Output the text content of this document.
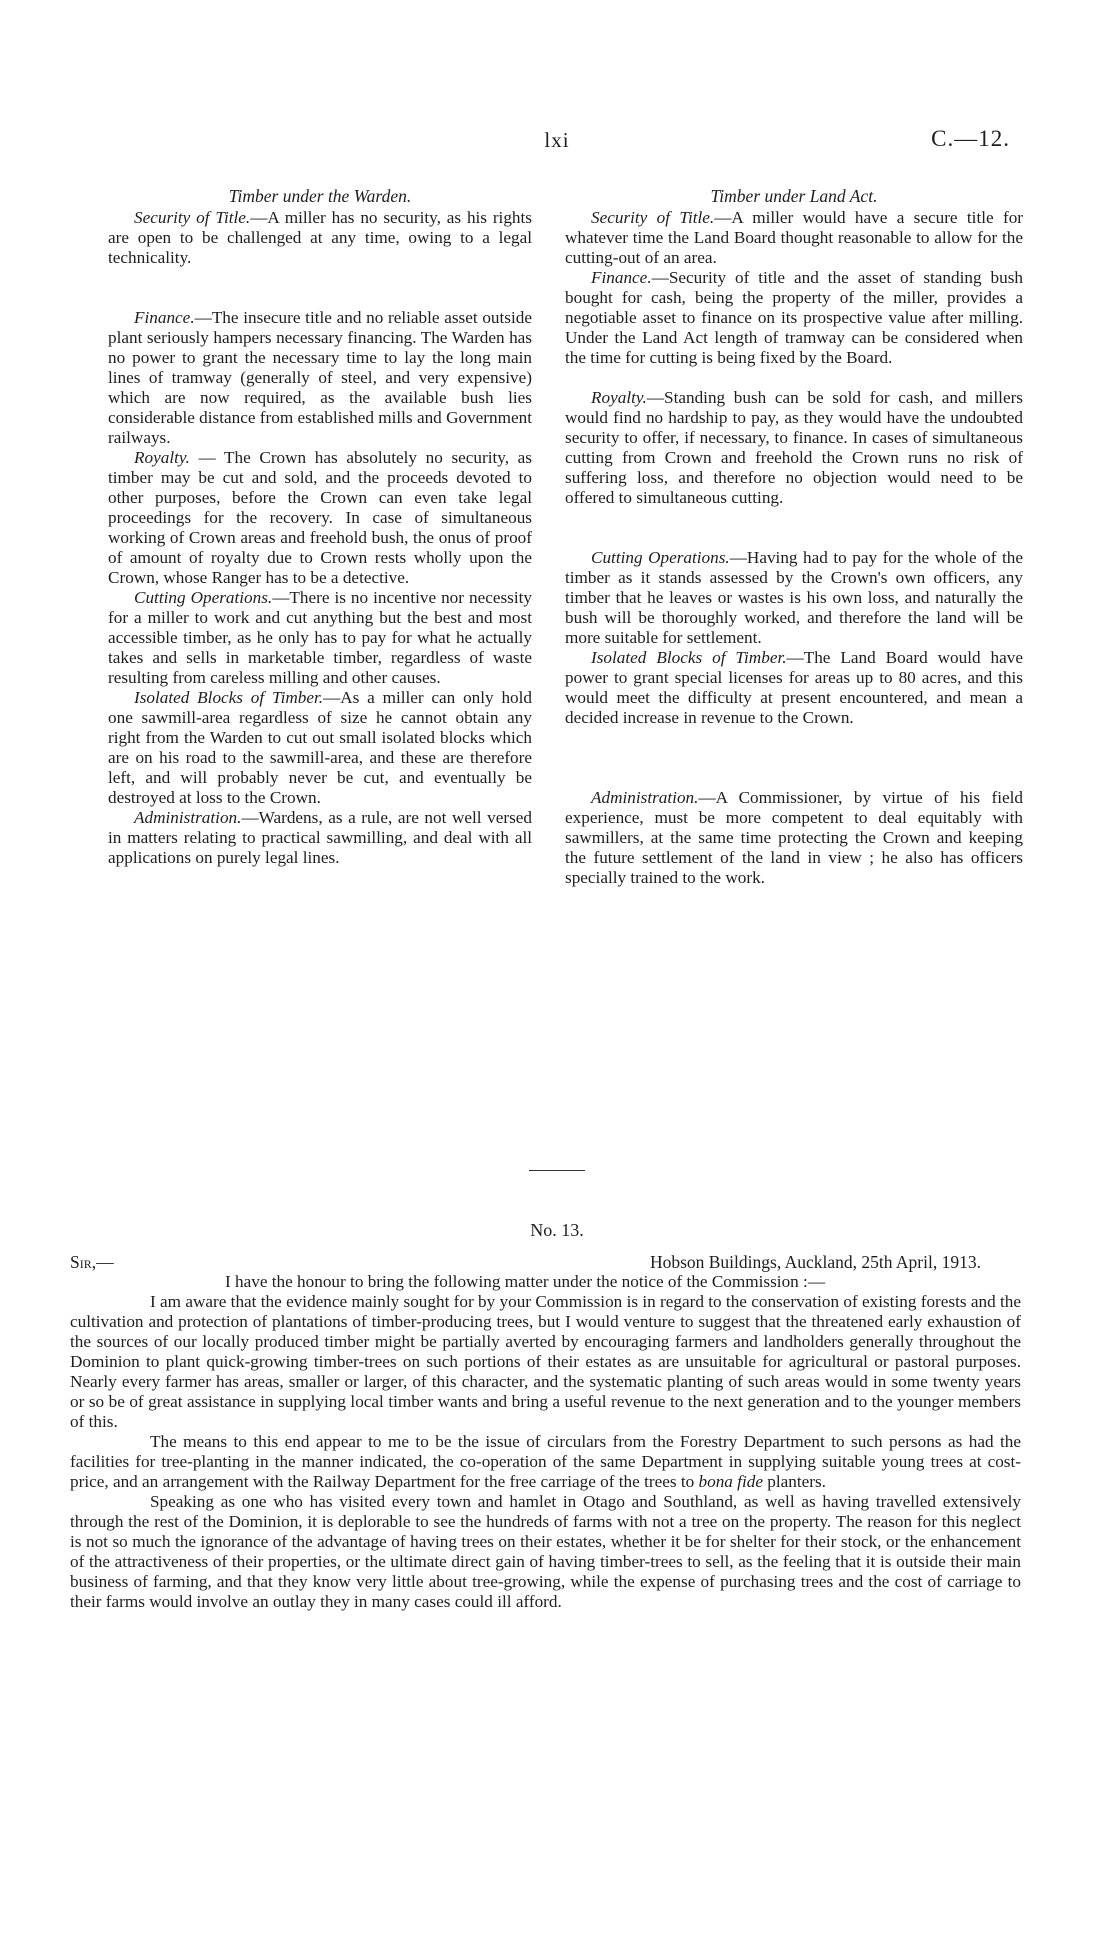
lxi	C.—12.

Timber under the Warden.

Security of Title.—A miller has no security, as his rights are open to be challenged at any time, owing to a legal technicality.

Finance.—The insecure title and no reliable asset outside plant seriously hampers necessary financing. The Warden has no power to grant the necessary time to lay the long main lines of tramway (generally of steel, and very expensive) which are now required, as the available bush lies considerable distance from established mills and Government railways.

Royalty. — The Crown has absolutely no security, as timber may be cut and sold, and the proceeds devoted to other purposes, before the Crown can even take legal proceedings for the recovery. In case of simultaneous working of Crown areas and freehold bush, the onus of proof of amount of royalty due to Crown rests wholly upon the Crown, whose Ranger has to be a detective.

Cutting Operations.—There is no incentive nor necessity for a miller to work and cut anything but the best and most accessible timber, as he only has to pay for what he actually takes and sells in marketable timber, regardless of waste resulting from careless milling and other causes.

Isolated Blocks of Timber.—As a miller can only hold one sawmill-area regardless of size he cannot obtain any right from the Warden to cut out small isolated blocks which are on his road to the sawmill-area, and these are therefore left, and will probably never be cut, and eventually be destroyed at loss to the Crown.

Administration.—Wardens, as a rule, are not well versed in matters relating to practical sawmilling, and deal with all applications on purely legal lines.

Timber under Land Act.

Security of Title.—A miller would have a secure title for whatever time the Land Board thought reasonable to allow for the cutting-out of an area.

Finance.—Security of title and the asset of standing bush bought for cash, being the property of the miller, provides a negotiable asset to finance on its prospective value after milling. Under the Land Act length of tramway can be considered when the time for cutting is being fixed by the Board.

Royalty.—Standing bush can be sold for cash, and millers would find no hardship to pay, as they would have the undoubted security to offer, if necessary, to finance. In cases of simultaneous cutting from Crown and freehold the Crown runs no risk of suffering loss, and therefore no objection would need to be offered to simultaneous cutting.

Cutting Operations.—Having had to pay for the whole of the timber as it stands assessed by the Crown's own officers, any timber that he leaves or wastes is his own loss, and naturally the bush will be thoroughly worked, and therefore the land will be more suitable for settlement.

Isolated Blocks of Timber.—The Land Board would have power to grant special licenses for areas up to 80 acres, and this would meet the difficulty at present encountered, and mean a decided increase in revenue to the Crown.

Administration.—A Commissioner, by virtue of his field experience, must be more competent to deal equitably with sawmillers, at the same time protecting the Crown and keeping the future settlement of the land in view ; he also has officers specially trained to the work.

No. 13.
Sir,—	Hobson Buildings, Auckland, 25th April, 1913.

I have the honour to bring the following matter under the notice of the Commission :—

I am aware that the evidence mainly sought for by your Commission is in regard to the conservation of existing forests and the cultivation and protection of plantations of timber-producing trees, but I would venture to suggest that the threatened early exhaustion of the sources of our locally produced timber might be partially averted by encouraging farmers and landholders generally throughout the Dominion to plant quick-growing timber-trees on such portions of their estates as are unsuitable for agricultural or pastoral purposes. Nearly every farmer has areas, smaller or larger, of this character, and the systematic planting of such areas would in some twenty years or so be of great assistance in supplying local timber wants and bring a useful revenue to the next generation and to the younger members of this.

The means to this end appear to me to be the issue of circulars from the Forestry Department to such persons as had the facilities for tree-planting in the manner indicated, the co-operation of the same Department in supplying suitable young trees at cost-price, and an arrangement with the Railway Department for the free carriage of the trees to bona fide planters.

Speaking as one who has visited every town and hamlet in Otago and Southland, as well as having travelled extensively through the rest of the Dominion, it is deplorable to see the hundreds of farms with not a tree on the property. The reason for this neglect is not so much the ignorance of the advantage of having trees on their estates, whether it be for shelter for their stock, or the enhancement of the attractiveness of their properties, or the ultimate direct gain of having timber-trees to sell, as the feeling that it is outside their main business of farming, and that they know very little about tree-growing, while the expense of purchasing trees and the cost of carriage to their farms would involve an outlay they in many cases could ill afford.
